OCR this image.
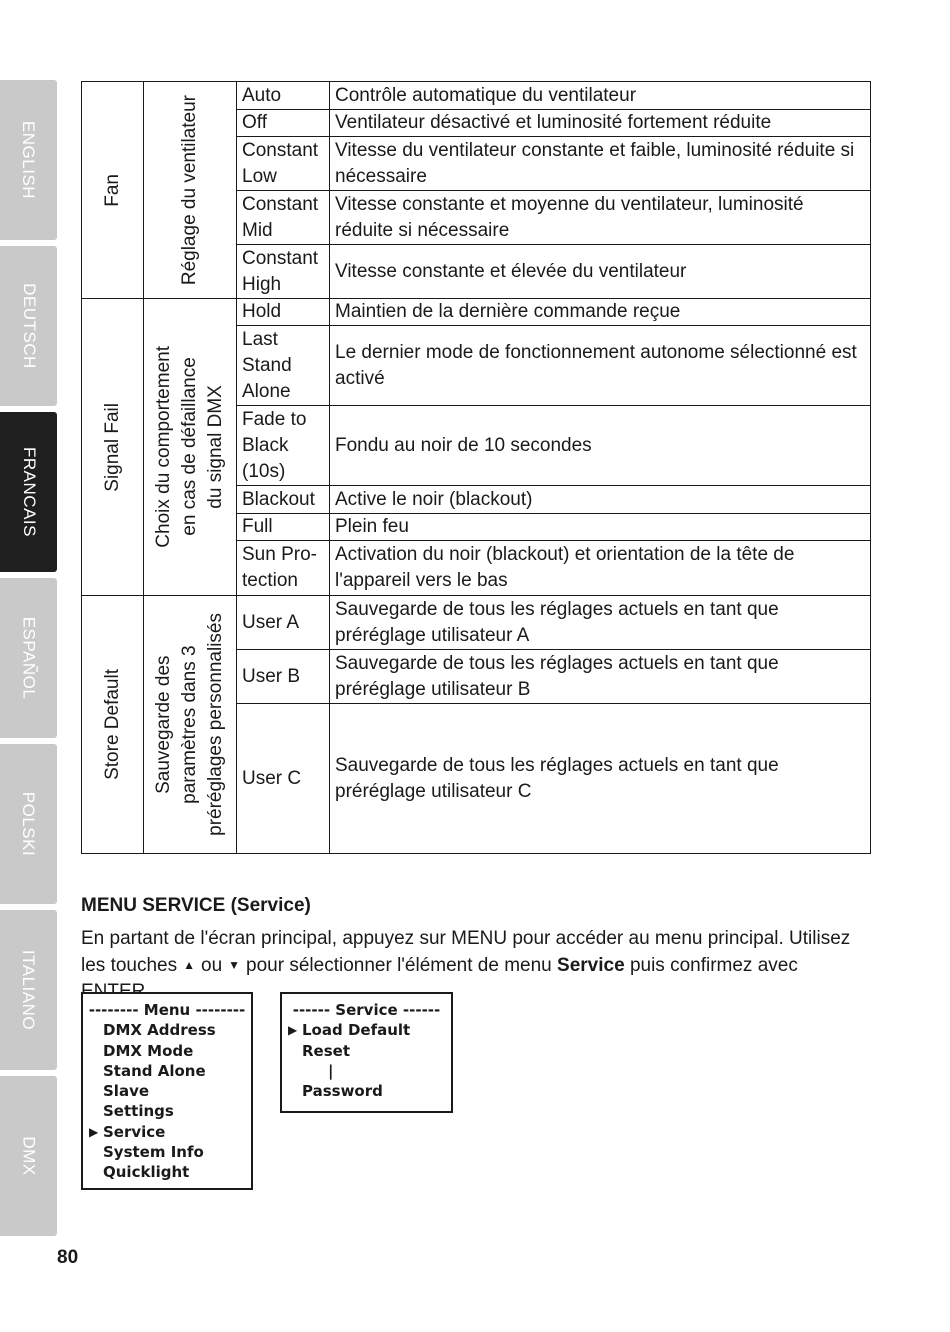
ENGLISH
DEUTSCH
FRANCAIS
ESPAÑOL
POLSKI
ITALIANO
DMX
Fan	Réglage du ventilateur	Auto	Contrôle automatique du ventilateur
		Off	Ventilateur désactivé et luminosité fortement réduite
		Constant Low	Vitesse du ventilateur constante et faible, luminosité réduite si nécessaire
		Constant Mid	Vitesse constante et moyenne du ventilateur, luminosité réduite si nécessaire
		Constant High	Vitesse constante et élevée du ventilateur

Signal Fail	Choix du comportement en cas de défaillance du signal DMX	Hold	Maintien de la dernière commande reçue
		Last Stand Alone	Le dernier mode de fonctionnement autonome sélectionné est activé
		Fade to Black (10s)	Fondu au noir de 10 secondes
		Blackout	Active le noir (blackout)
		Full	Plein feu
		Sun Pro-tection	Activation du noir (blackout) et orientation de la tête de l'appareil vers le bas

Store Default	Sauvegarde des paramètres dans 3 préréglages personnalisés	User A	Sauvegarde de tous les réglages actuels en tant que préréglage utilisateur A
		User B	Sauvegarde de tous les réglages actuels en tant que préréglage utilisateur B
		User C	Sauvegarde de tous les réglages actuels en tant que préréglage utilisateur C
MENU SERVICE (Service)
En partant de l'écran principal, appuyez sur MENU pour accéder au menu principal. Utilisez les touches ▲ ou ▼ pour sélectionner l'élément de menu Service puis confirmez avec
-------- Menu --------
DMX Address
DMX Mode
Stand Alone
Slave
Settings
▶ Service
System Info
Quicklight
------ Service ------
▶ Load Default
Reset
|
Password
80
